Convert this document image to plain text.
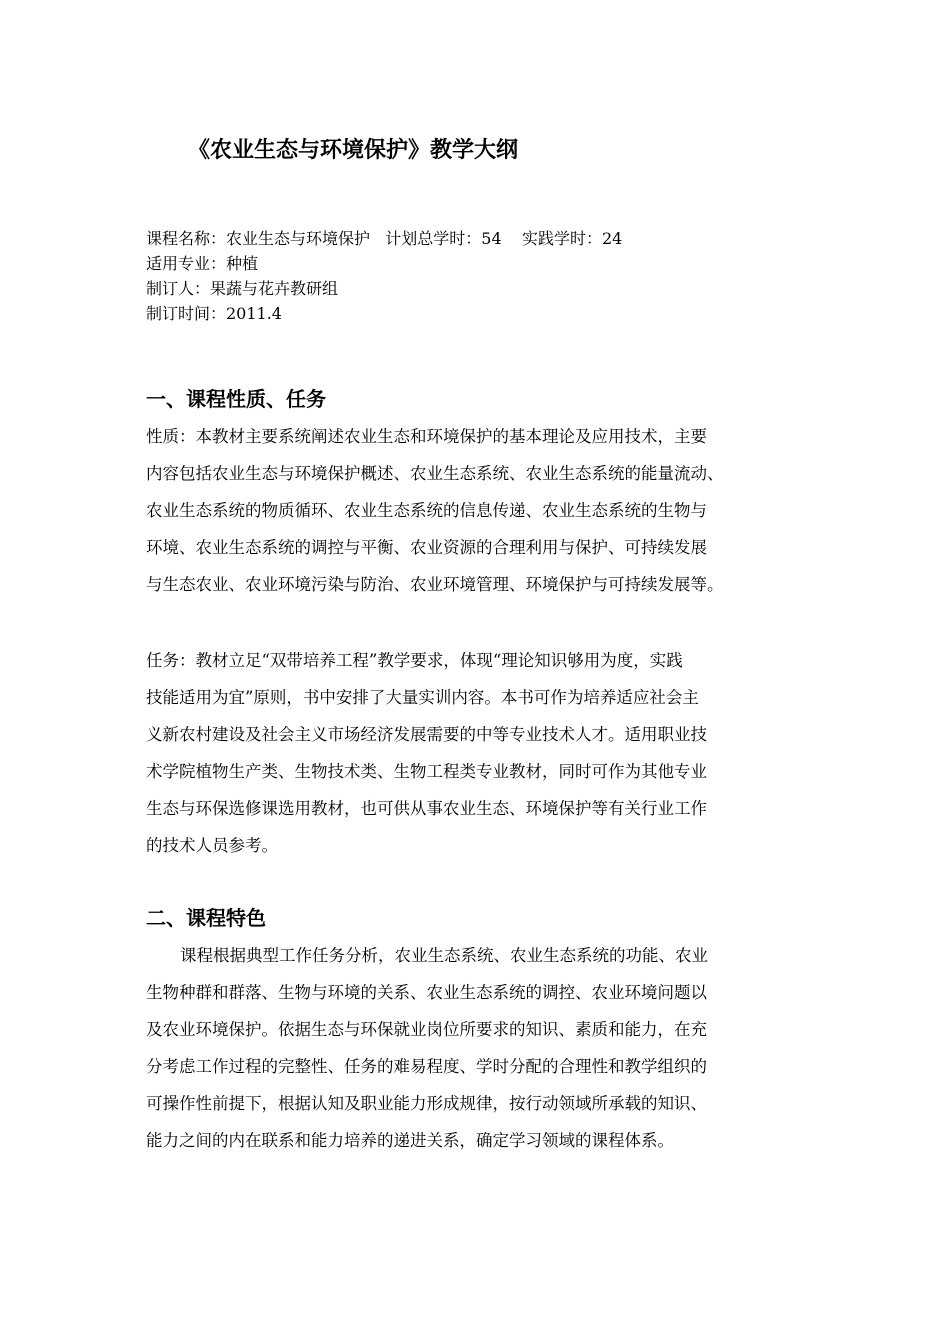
《农业生态与环境保护》教学大纲
课程名称：农业生态与环境保护   计划总学时：54    实践学时：24
适用专业：种植
制订人：果蔬与花卉教研组
制订时间：2011.4
一、课程性质、任务
性质：本教材主要系统阐述农业生态和环境保护的基本理论及应用技术，主要
内容包括农业生态与环境保护概述、农业生态系统、农业生态系统的能量流动、
农业生态系统的物质循环、农业生态系统的信息传递、农业生态系统的生物与
环境、农业生态系统的调控与平衡、农业资源的合理利用与保护、可持续发展
与生态农业、农业环境污染与防治、农业环境管理、环境保护与可持续发展等。
任务：教材立足“双带培养工程”教学要求，体现“理论知识够用为度，实践
技能适用为宜”原则，书中安排了大量实训内容。本书可作为培养适应社会主
义新农村建设及社会主义市场经济发展需要的中等专业技术人才。适用职业技
术学院植物生产类、生物技术类、生物工程类专业教材，同时可作为其他专业
生态与环保选修课选用教材，也可供从事农业生态、环境保护等有关行业工作
的技术人员参考。
二、课程特色
课程根据典型工作任务分析，农业生态系统、农业生态系统的功能、农业
生物种群和群落、生物与环境的关系、农业生态系统的调控、农业环境问题以
及农业环境保护。依据生态与环保就业岗位所要求的知识、素质和能力，在充
分考虑工作过程的完整性、任务的难易程度、学时分配的合理性和教学组织的
可操作性前提下，根据认知及职业能力形成规律，按行动领域所承载的知识、
能力之间的内在联系和能力培养的递进关系，确定学习领域的课程体系。
